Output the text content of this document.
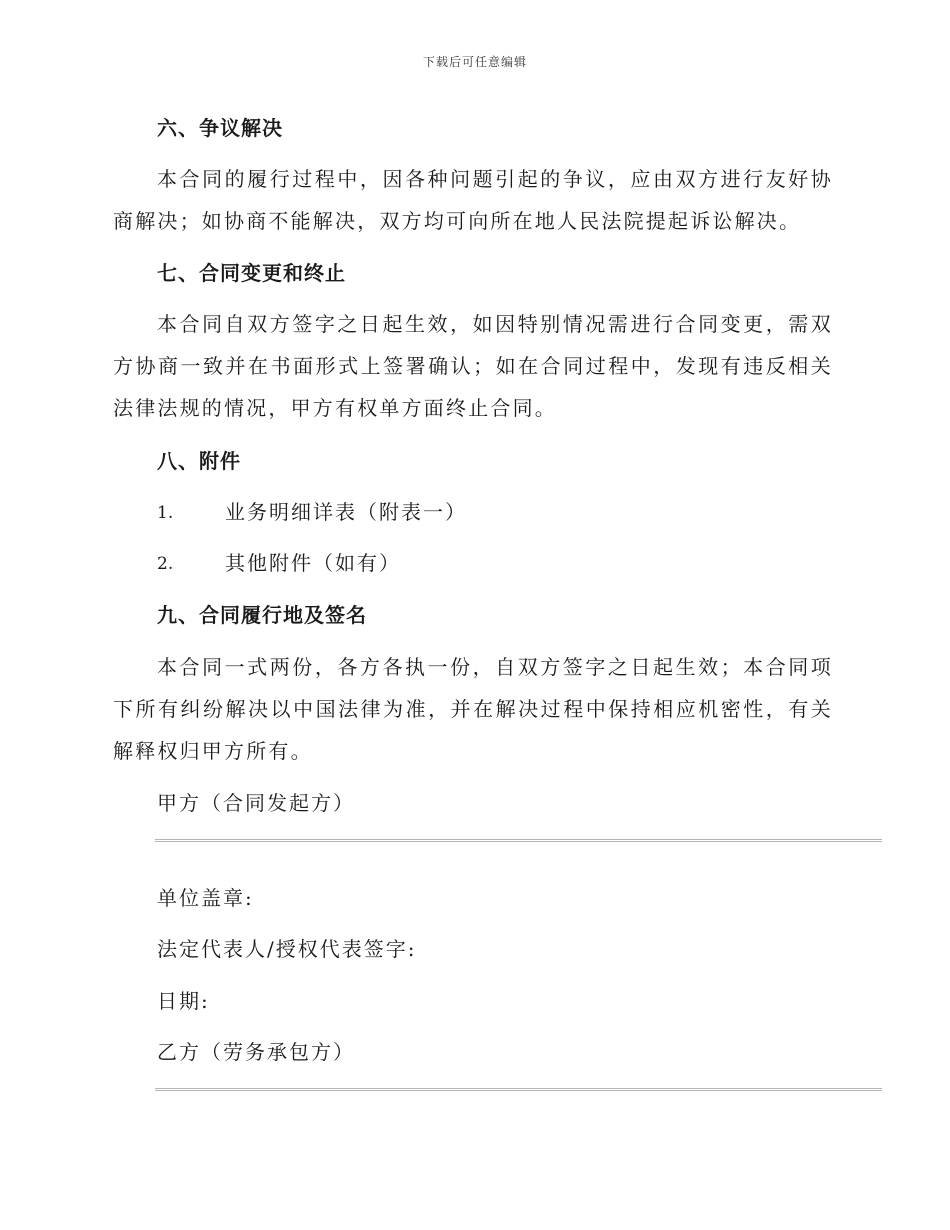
下载后可任意编辑
六、争议解决
本合同的履行过程中，因各种问题引起的争议，应由双方进行友好协商解决；如协商不能解决，双方均可向所在地人民法院提起诉讼解决。
七、合同变更和终止
本合同自双方签字之日起生效，如因特别情况需进行合同变更，需双方协商一致并在书面形式上签署确认；如在合同过程中，发现有违反相关法律法规的情况，甲方有权单方面终止合同。
八、附件
1.	业务明细详表（附表一）
2.	其他附件（如有）
九、合同履行地及签名
本合同一式两份，各方各执一份，自双方签字之日起生效；本合同项下所有纠纷解决以中国法律为准，并在解决过程中保持相应机密性，有关解释权归甲方所有。
甲方（合同发起方）
单位盖章:
法定代表人/授权代表签字:
日期:
乙方（劳务承包方）
